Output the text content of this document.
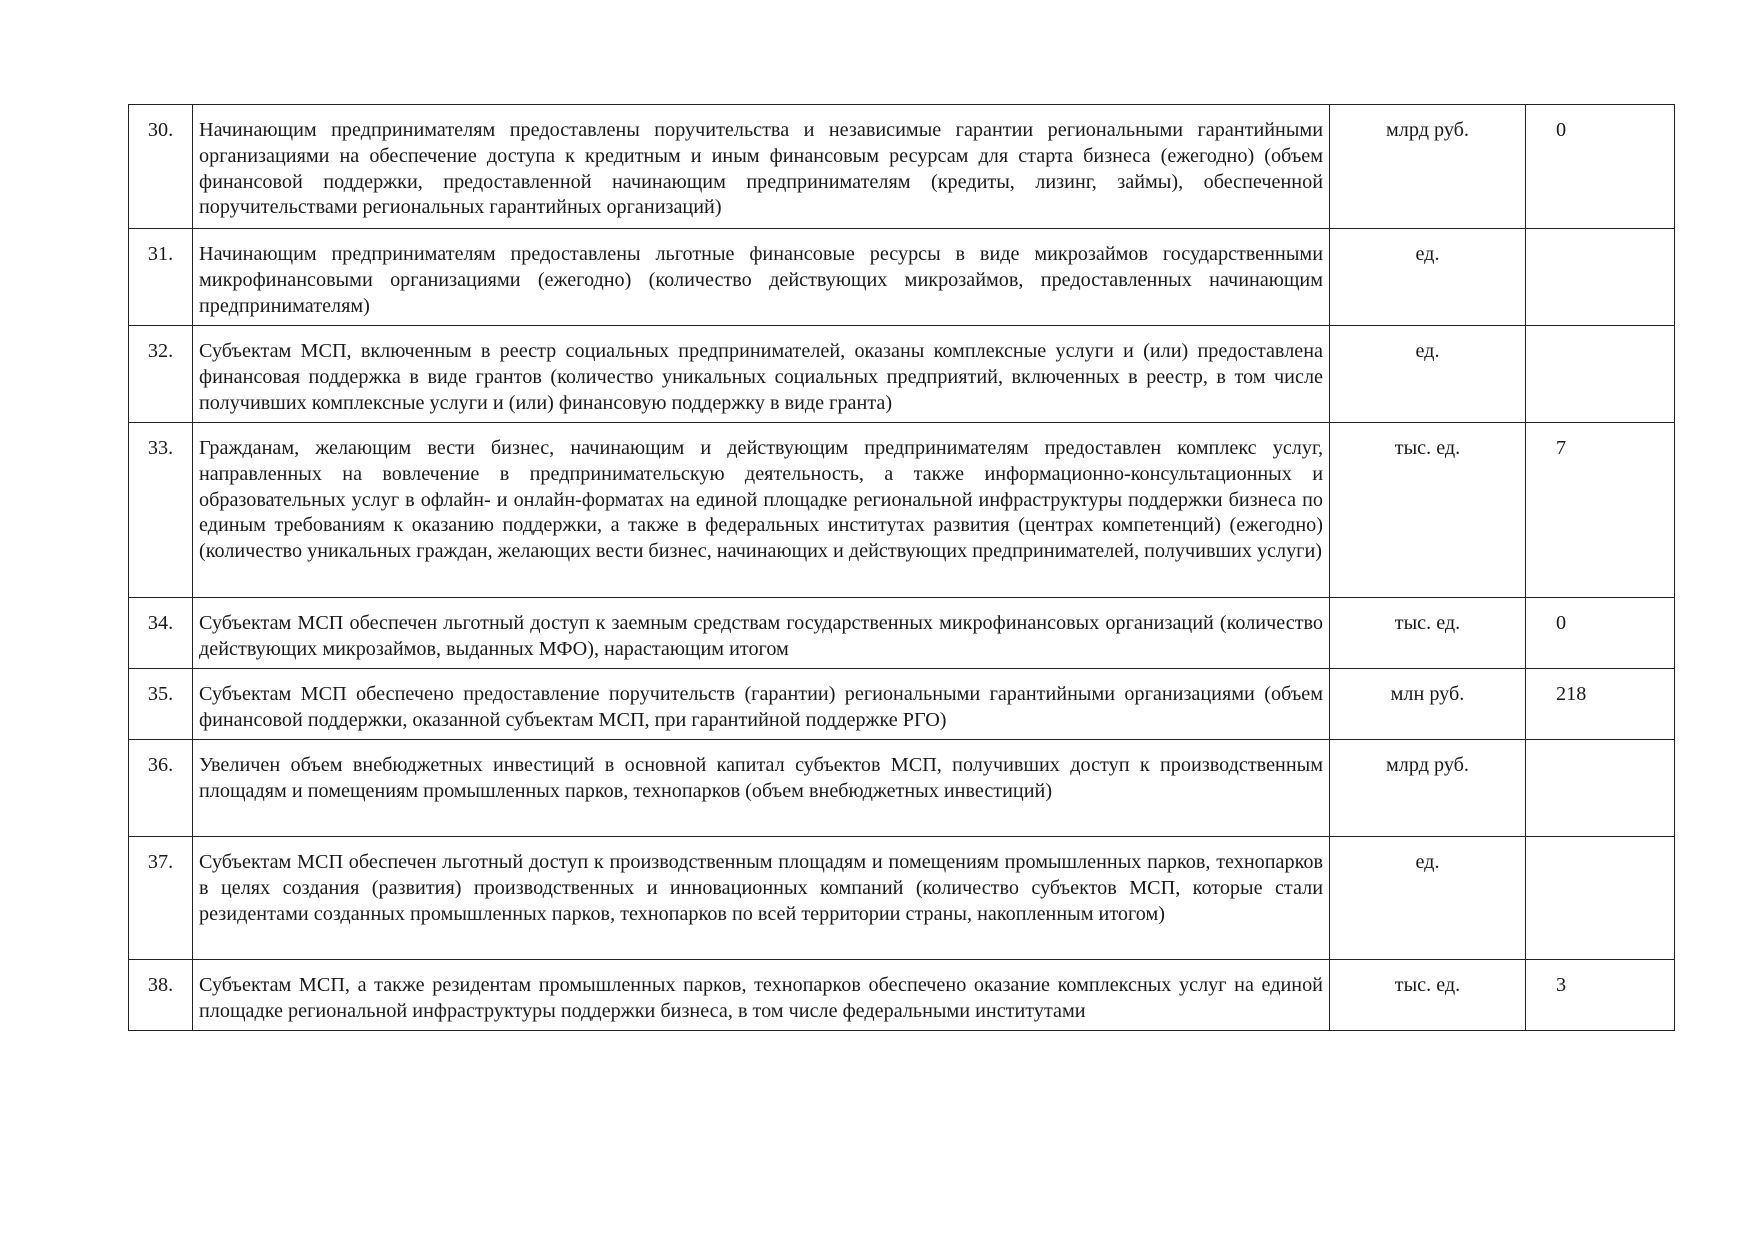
30.	Начинающим предпринимателям предоставлены поручительства и независимые гарантии региональными гарантийными организациями на обеспечение доступа к кредитным и иным финансовым ресурсам для старта бизнеса (ежегодно) (объем финансовой поддержки, предоставленной начинающим предпринимателям (кредиты, лизинг, займы), обеспеченной поручительствами региональных гарантийных организаций)	млрд руб.	0
31.	Начинающим предпринимателям предоставлены льготные финансовые ресурсы в виде микрозаймов государственными микрофинансовыми организациями (ежегодно) (количество действующих микрозаймов, предоставленных начинающим предпринимателям)	ед.	
32.	Субъектам МСП, включенным в реестр социальных предпринимателей, оказаны комплексные услуги и (или) предоставлена финансовая поддержка в виде грантов (количество уникальных социальных предприятий, включенных в реестр, в том числе получивших комплексные услуги и (или) финансовую поддержку в виде гранта)	ед.	
33.	Гражданам, желающим вести бизнес, начинающим и действующим предпринимателям предоставлен комплекс услуг, направленных на вовлечение в предпринимательскую деятельность, а также информационно-консультационных и образовательных услуг в офлайн- и онлайн-форматах на единой площадке региональной инфраструктуры поддержки бизнеса по единым требованиям к оказанию поддержки, а также в федеральных институтах развития (центрах компетенций) (ежегодно) (количество уникальных граждан, желающих вести бизнес, начинающих и действующих предпринимателей, получивших услуги)	тыс. ед.	7
34.	Субъектам МСП обеспечен льготный доступ к заемным средствам государственных микрофинансовых организаций (количество действующих микрозаймов, выданных МФО), нарастающим итогом	тыс. ед.	0
35.	Субъектам МСП обеспечено предоставление поручительств (гарантии) региональными гарантийными организациями (объем финансовой поддержки, оказанной субъектам МСП, при гарантийной поддержке РГО)	млн руб.	218
36.	Увеличен объем внебюджетных инвестиций в основной капитал субъектов МСП, получивших доступ к производственным площадям и помещениям промышленных парков, технопарков (объем внебюджетных инвестиций)	млрд руб.	
37.	Субъектам МСП обеспечен льготный доступ к производственным площадям и помещениям промышленных парков, технопарков в целях создания (развития) производственных и инновационных компаний (количество субъектов МСП, которые стали резидентами созданных промышленных парков, технопарков по всей территории страны, накопленным итогом)	ед.	
38.	Субъектам МСП, а также резидентам промышленных парков, технопарков обеспечено оказание комплексных услуг на единой площадке региональной инфраструктуры поддержки бизнеса, в том числе федеральными институтами	тыс. ед.	3
